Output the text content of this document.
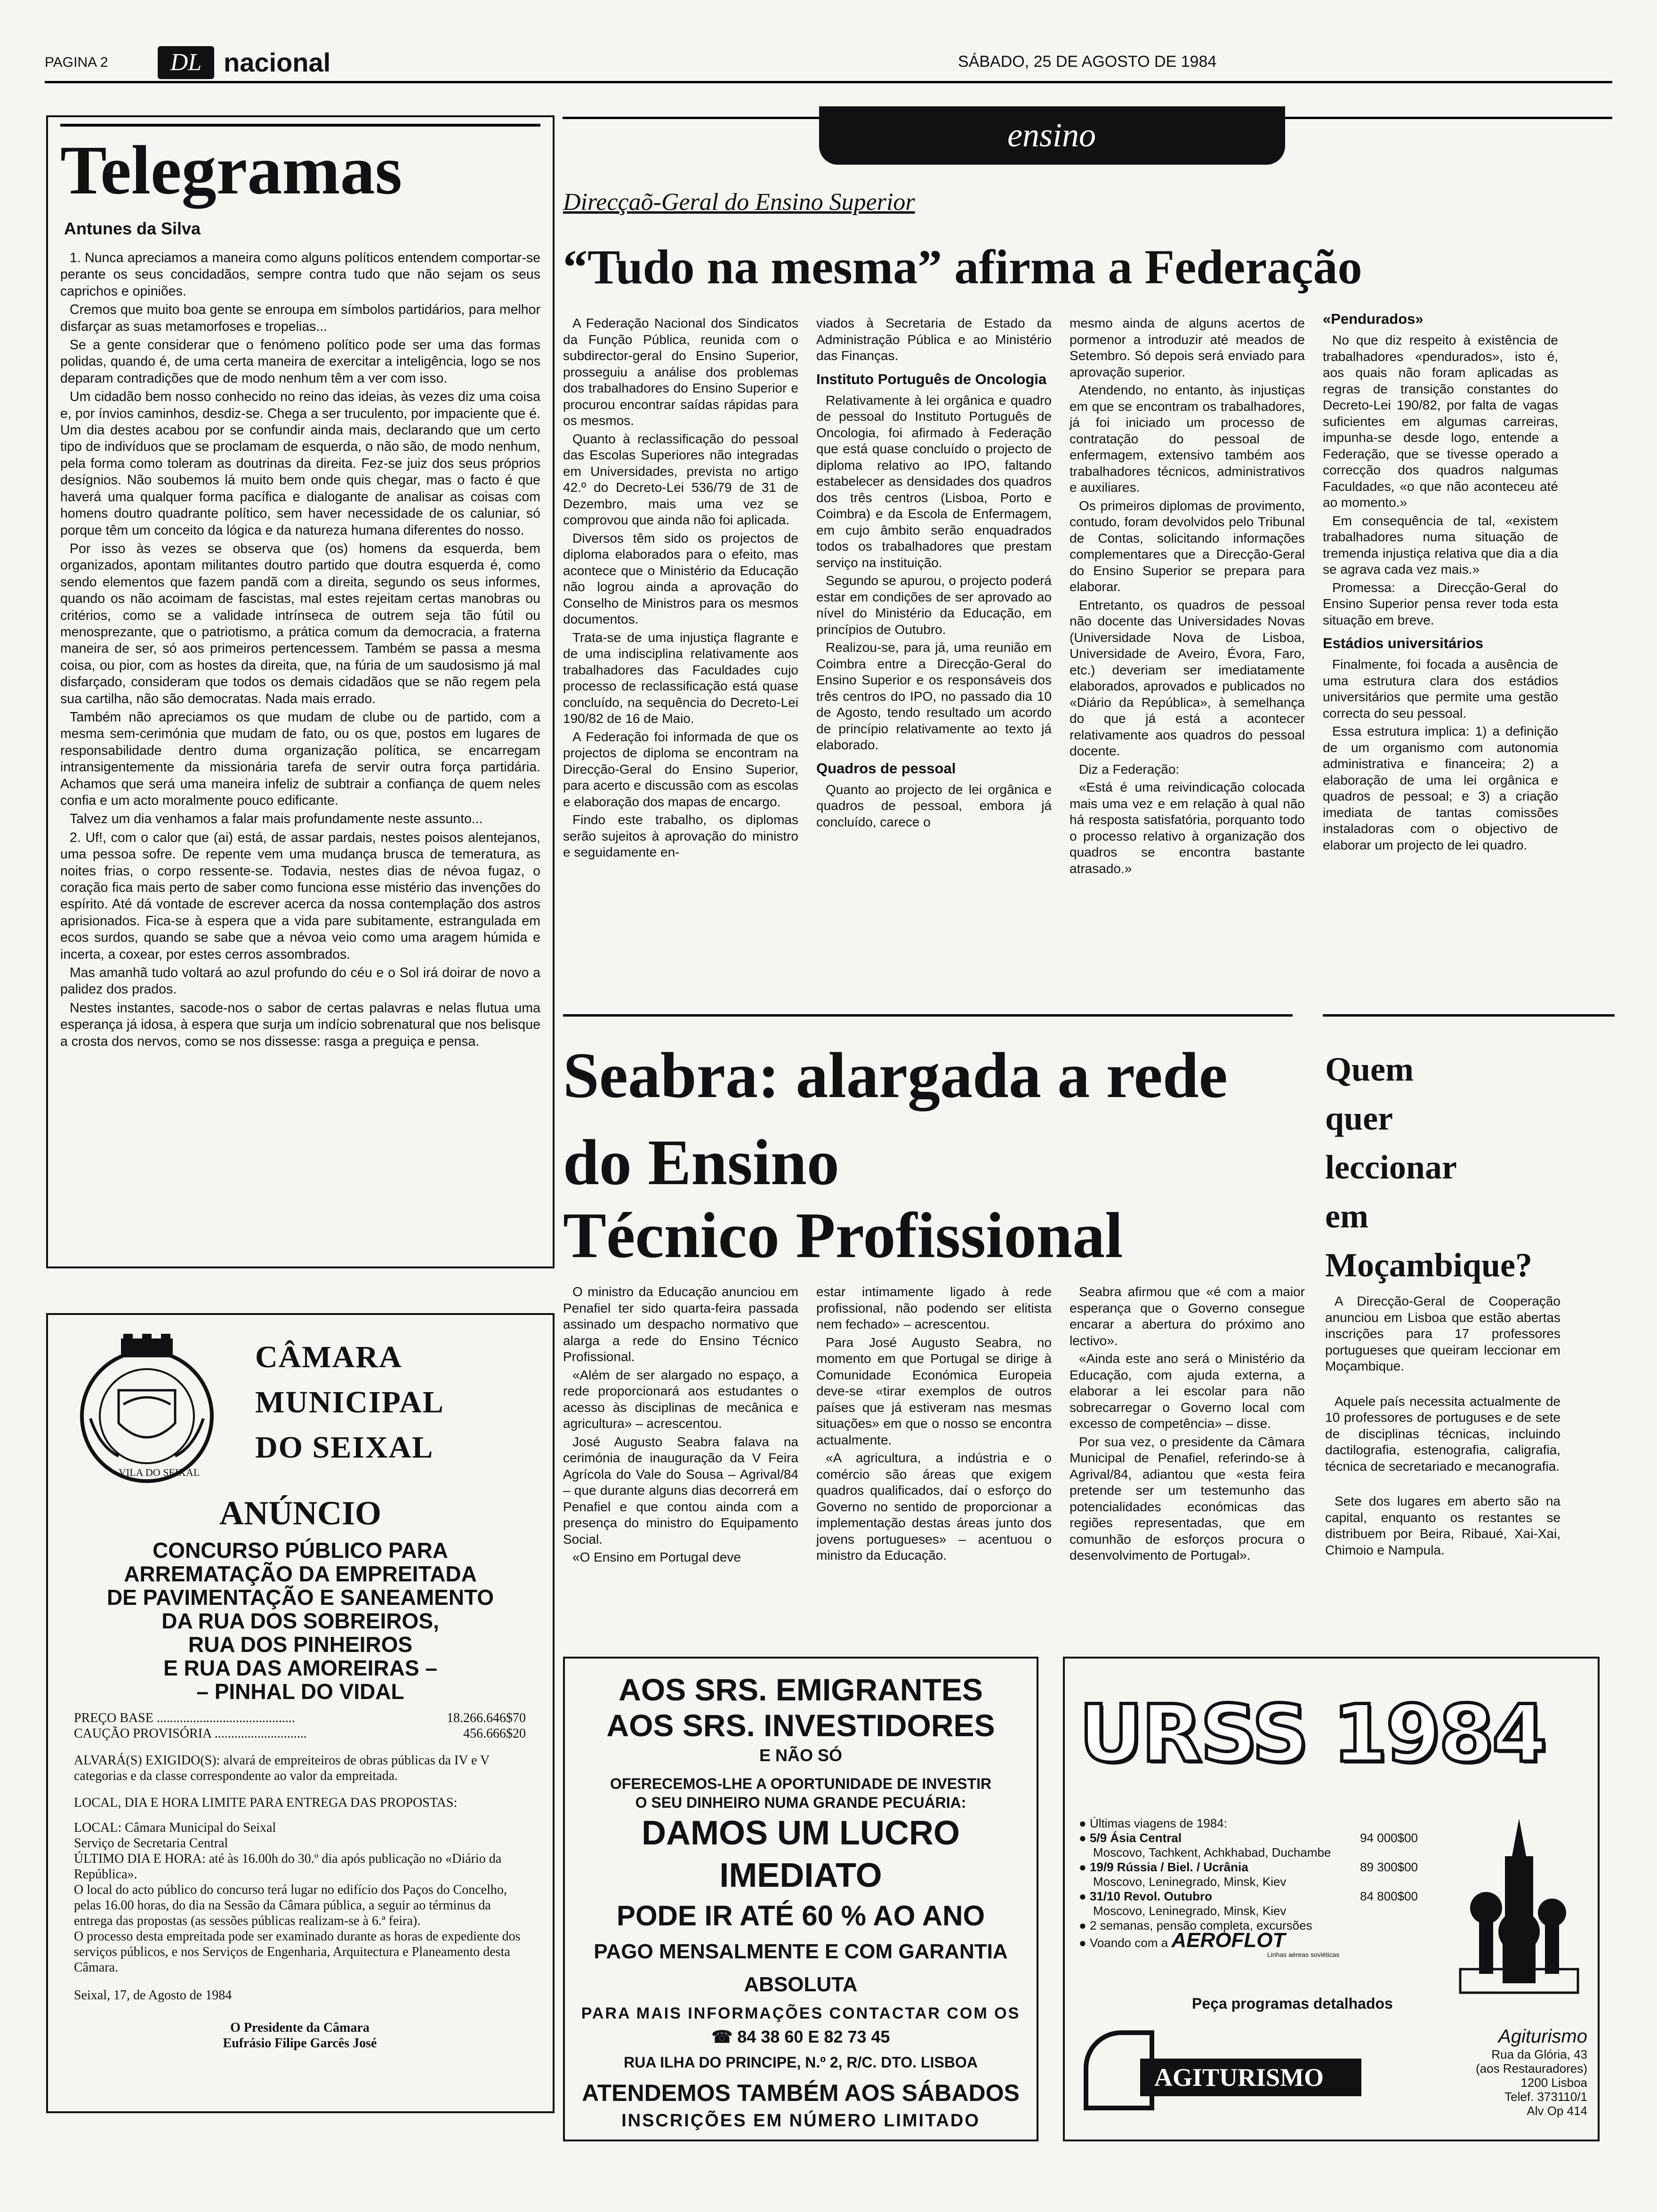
PAGINA 2	DL nacional	SÁBADO, 25 DE AGOSTO DE 1984
Telegramas
Antunes da Silva

1. Nunca apreciamos a maneira como alguns políticos entendem comportar-se perante os seus concidadãos, sempre contra tudo que não sejam os seus caprichos e opiniões.

Cremos que muito boa gente se enroupa em símbolos partidários, para melhor disfarçar as suas metamorfoses e tropelias...

Se a gente considerar que o fenómeno político pode ser uma das formas polidas, quando é, de uma certa maneira de exercitar a inteligência, logo se nos deparam contradições que de modo nenhum têm a ver com isso.

Um cidadão bem nosso conhecido no reino das ideias, às vezes diz uma coisa e, por ínvios caminhos, desdiz-se. Chega a ser truculento, por impaciente que é. Um dia destes acabou por se confundir ainda mais, declarando que um certo tipo de indivíduos que se proclamam de esquerda, o não são, de modo nenhum, pela forma como toleram as doutrinas da direita. Fez-se juiz dos seus próprios desígnios. Não soubemos lá muito bem onde quis chegar, mas o facto é que haverá uma qualquer forma pacífica e dialogante de analisar as coisas com homens doutro quadrante político, sem haver necessidade de os caluniar, só porque têm um conceito da lógica e da natureza humana diferentes do nosso.

Por isso às vezes se observa que (os) homens da esquerda, bem organizados, apontam militantes doutro partido que doutra esquerda é, como sendo elementos que fazem pandã com a direita, segundo os seus informes, quando os não acoimam de fascistas, mal estes rejeitam certas manobras ou critérios, como se a validade intrínseca de outrem seja tão fútil ou menosprezante, que o patriotismo, a prática comum da democracia, a fraterna maneira de ser, só aos primeiros pertencessem. Também se passa a mesma coisa, ou pior, com as hostes da direita, que, na fúria de um saudosismo já mal disfarçado, consideram que todos os demais cidadãos que se não regem pela sua cartilha, não são democratas. Nada mais errado.

Também não apreciamos os que mudam de clube ou de partido, com a mesma sem-cerimónia que mudam de fato, ou os que, postos em lugares de responsabilidade dentro duma organização política, se encarregam intransigentemente da missionária tarefa de servir outra força partidária. Achamos que será uma maneira infeliz de subtrair a confiança de quem neles confia e um acto moralmente pouco edificante.

Talvez um dia venhamos a falar mais profundamente neste assunto...

2. Uf!, com o calor que (ai) está, de assar pardais, nestes poisos alentejanos, uma pessoa sofre. De repente vem uma mudança brusca de temeratura, as noites frias, o corpo ressente-se. Todavia, nestes dias de névoa fugaz, o coração fica mais perto de saber como funciona esse mistério das invenções do espírito. Até dá vontade de escrever acerca da nossa contemplação dos astros aprisionados. Fica-se à espera que a vida pare subitamente, estrangulada em ecos surdos, quando se sabe que a névoa veio como uma aragem húmida e incerta, a coxear, por estes cerros assombrados.

Mas amanhã tudo voltará ao azul profundo do céu e o Sol irá doirar de novo a palidez dos prados.

Nestes instantes, sacode-nos o sabor de certas palavras e nelas flutua uma esperança já idosa, à espera que surja um indício sobrenatural que nos belisque a crosta dos nervos, como se nos dissesse: rasga a preguiça e pensa.

ensino
Direcçaõ-Geral do Ensino Superior
“Tudo na mesma” afirma a Federação

A Federação Nacional dos Sindicatos da Função Pública, reunida com o subdirector-geral do Ensino Superior, prosseguiu a análise dos problemas dos trabalhadores do Ensino Superior e procurou encontrar saídas rápidas para os mesmos.

Quanto à reclassificação do pessoal das Escolas Superiores não integradas em Universidades, prevista no artigo 42.º do Decreto-Lei 536/79 de 31 de Dezembro, mais uma vez se comprovou que ainda não foi aplicada.

Diversos têm sido os projectos de diploma elaborados para o efeito, mas acontece que o Ministério da Educação não logrou ainda a aprovação do Conselho de Ministros para os mesmos documentos.

Trata-se de uma injustiça flagrante e de uma indisciplina relativamente aos trabalhadores das Faculdades cujo processo de reclassificação está quase concluído, na sequência do Decreto-Lei 190/82 de 16 de Maio.

A Federação foi informada de que os projectos de diploma se encontram na Direcção-Geral do Ensino Superior, para acerto e discussão com as escolas e elaboração dos mapas de encargo.

Findo este trabalho, os diplomas serão sujeitos à aprovação do ministro e seguidamente en-

viados à Secretaria de Estado da Administração Pública e ao Ministério das Finanças.

Instituto Português de Oncologia

Relativamente à lei orgânica e quadro de pessoal do Instituto Português de Oncologia, foi afirmado à Federação que está quase concluído o projecto de diploma relativo ao IPO, faltando estabelecer as densidades dos quadros dos três centros (Lisboa, Porto e Coimbra) e da Escola de Enfermagem, em cujo âmbito serão enquadrados todos os trabalhadores que prestam serviço na instituição.

Segundo se apurou, o projecto poderá estar em condições de ser aprovado ao nível do Ministério da Educação, em princípios de Outubro.

Realizou-se, para já, uma reunião em Coimbra entre a Direcção-Geral do Ensino Superior e os responsáveis dos três centros do IPO, no passado dia 10 de Agosto, tendo resultado um acordo de princípio relativamente ao texto já elaborado.

Quadros de pessoal

Quanto ao projecto de lei orgânica e quadros de pessoal, embora já concluído, carece o

mesmo ainda de alguns acertos de pormenor a introduzir até meados de Setembro. Só depois será enviado para aprovação superior.

Atendendo, no entanto, às injustiças em que se encontram os trabalhadores, já foi iniciado um processo de contratação do pessoal de enfermagem, extensivo também aos trabalhadores técnicos, administrativos e auxiliares.

Os primeiros diplomas de provimento, contudo, foram devolvidos pelo Tribunal de Contas, solicitando informações complementares que a Direcção-Geral do Ensino Superior se prepara para elaborar.

Entretanto, os quadros de pessoal não docente das Universidades Novas (Universidade Nova de Lisboa, Universidade de Aveiro, Évora, Faro, etc.) deveriam ser imediatamente elaborados, aprovados e publicados no «Diário da República», à semelhança do que já está a acontecer relativamente aos quadros do pessoal docente.

Diz a Federação:

«Está é uma reivindicação colocada mais uma vez e em relação à qual não há resposta satisfatória, porquanto todo o processo relativo à organização dos quadros se encontra bastante atrasado.»

«Pendurados»

No que diz respeito à existência de trabalhadores «pendurados», isto é, aos quais não foram aplicadas as regras de transição constantes do Decreto-Lei 190/82, por falta de vagas suficientes em algumas carreiras, impunha-se desde logo, entende a Federação, que se tivesse operado a correcção dos quadros nalgumas Faculdades, «o que não aconteceu até ao momento.»

Em consequência de tal, «existem trabalhadores numa situação de tremenda injustiça relativa que dia a dia se agrava cada vez mais.»

Promessa: a Direcção-Geral do Ensino Superior pensa rever toda esta situação em breve.

Estádios universitários

Finalmente, foi focada a ausência de uma estrutura clara dos estádios universitários que permite uma gestão correcta do seu pessoal.

Essa estrutura implica: 1) a definição de um organismo com autonomia administrativa e financeira; 2) a elaboração de uma lei orgânica e quadros de pessoal; e 3) a criação imediata de tantas comissões instaladoras com o objectivo de elaborar um projecto de lei quadro.

Seabra: alargada a rede
do Ensino
Técnico Profissional

O ministro da Educação anunciou em Penafiel ter sido quarta-feira passada assinado um despacho normativo que alarga a rede do Ensino Técnico Profissional.

«Além de ser alargado no espaço, a rede proporcionará aos estudantes o acesso às disciplinas de mecânica e agricultura» – acrescentou.

José Augusto Seabra falava na cerimónia de inauguração da V Feira Agrícola do Vale do Sousa – Agrival/84 – que durante alguns dias decorrerá em Penafiel e que contou ainda com a presença do ministro do Equipamento Social.

«O Ensino em Portugal deve

estar intimamente ligado à rede profissional, não podendo ser elitista nem fechado» – acrescentou.

Para José Augusto Seabra, no momento em que Portugal se dirige à Comunidade Económica Europeia deve-se «tirar exemplos de outros países que já estiveram nas mesmas situações» em que o nosso se encontra actualmente.

«A agricultura, a indústria e o comércio são áreas que exigem quadros qualificados, daí o esforço do Governo no sentido de proporcionar a implementação destas áreas junto dos jovens portugueses» – acentuou o ministro da Educação.

Seabra afirmou que «é com a maior esperança que o Governo consegue encarar a abertura do próximo ano lectivo».

«Ainda este ano será o Ministério da Educação, com ajuda externa, a elaborar a lei escolar para não sobrecarregar o Governo local com excesso de competência» – disse.

Por sua vez, o presidente da Câmara Municipal de Penafiel, referindo-se à Agrival/84, adiantou que «esta feira pretende ser um testemunho das potencialidades económicas das regiões representadas, que em comunhão de esforços procura o desenvolvimento de Portugal».

Quem
quer
leccionar
em
Moçambique?

A Direcção-Geral de Cooperação anunciou em Lisboa que estão abertas inscrições para 17 professores portugueses que queiram leccionar em Moçambique.

Aquele país necessita actualmente de 10 professores de portuguses e de sete de disciplinas técnicas, incluindo dactilografia, estenografia, caligrafia, técnica de secretariado e mecanografia.

Sete dos lugares em aberto são na capital, enquanto os restantes se distribuem por Beira, Ribaué, Xai-Xai, Chimoio e Nampula.

VILA DO SEIXAL
CÂMARA
MUNICIPAL
DO SEIXAL
ANÚNCIO
CONCURSO PÚBLICO PARA
ARREMATAÇÃO DA EMPREITADA
DE PAVIMENTAÇÃO E SANEAMENTO
DA RUA DOS SOBREIROS,
RUA DOS PINHEIROS
E RUA DAS AMOREIRAS –
– PINHAL DO VIDAL
PREÇO BASE ..........................................	18.266.646$70
CAUÇÃO PROVISÓRIA ............................	456.666$20
ALVARÁ(S) EXIGIDO(S): alvará de empreiteiros de obras públicas da IV e V categorias e da classe correspondente ao valor da empreitada.
LOCAL, DIA E HORA LIMITE PARA ENTREGA DAS PROPOSTAS:
LOCAL: Câmara Municipal do Seixal
Serviço de Secretaria Central
ÚLTIMO DIA E HORA: até às 16.00h do 30.º dia após publicação no «Diário da República».
O local do acto público do concurso terá lugar no edifício dos Paços do Concelho, pelas 16.00 horas, do dia na Sessão da Câmara pública, a seguir ao términus da entrega das propostas (as sessões públicas realizam-se à 6.ª feira).
O processo desta empreitada pode ser examinado durante as horas de expediente dos serviços públicos, e nos Serviços de Engenharia, Arquitectura e Planeamento desta Câmara.
Seixal, 17, de Agosto de 1984
O Presidente da Câmara
Eufrásio Filipe Garcês José
AOS SRS. EMIGRANTES
AOS SRS. INVESTIDORES
E NÃO SÓ
OFERECEMOS-LHE A OPORTUNIDADE DE INVESTIR
O SEU DINHEIRO NUMA GRANDE PECUÁRIA:
DAMOS UM LUCRO IMEDIATO
PODE IR ATÉ 60 % AO ANO
PAGO MENSALMENTE E COM GARANTIA ABSOLUTA
PARA MAIS INFORMAÇÕES CONTACTAR COM OS
☎ 84 38 60 E 82 73 45
RUA ILHA DO PRINCIPE, N.º 2, R/C. DTO. LISBOA
ATENDEMOS TAMBÉM AOS SÁBADOS
INSCRIÇÕES EM NÚMERO LIMITADO
URSS 1984
● Últimas viagens de 1984:
● 5/9 Ásia Central	94 000$00
Moscovo, Tachkent, Achkhabad, Duchambe
● 19/9 Rússia / Biel. / Ucrânia	89 300$00
Moscovo, Leninegrado, Minsk, Kiev
● 31/10 Revol. Outubro	84 800$00
Moscovo, Leninegrado, Minsk, Kiev
● 2 semanas, pensão completa, excursões
● Voando com a AEROFLOT
Linhas aéreas soviéticas
Peça programas detalhados
AGITURISMO
Agiturismo
Rua da Glória, 43
(aos Restauradores)
1200 Lisboa
Telef. 373110/1
Alv Op 414
